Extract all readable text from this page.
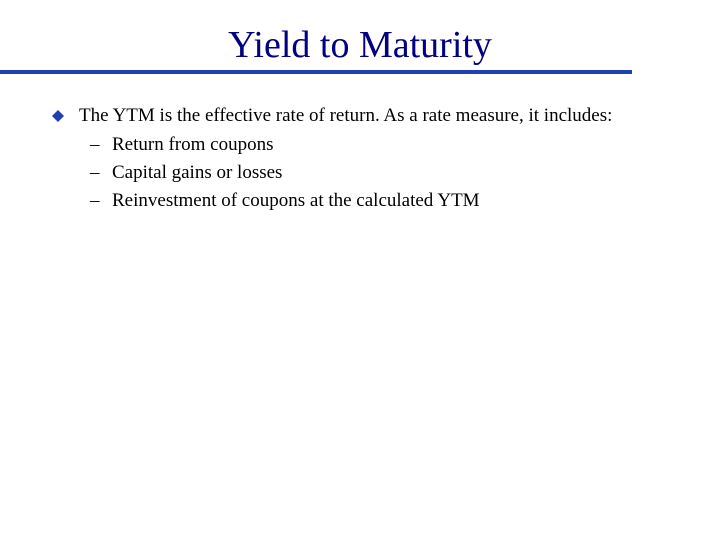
Yield to Maturity
The YTM is the effective rate of return. As a rate measure, it includes:
– Return from coupons
– Capital gains or losses
– Reinvestment of coupons at the calculated YTM
